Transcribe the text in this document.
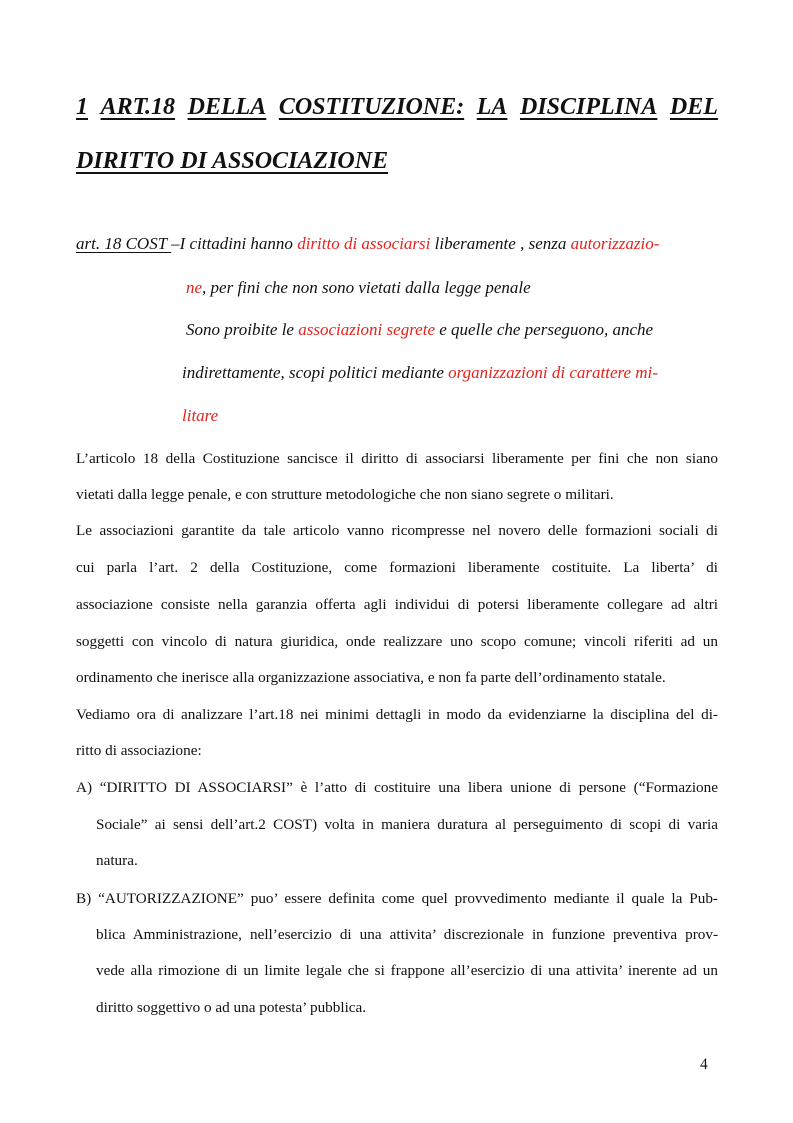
1 ART.18 DELLA COSTITUZIONE: LA DISCIPLINA DEL
DIRITTO DI ASSOCIAZIONE
art. 18 COST –I cittadini hanno diritto di associarsi liberamente , senza autorizzazio-
ne, per fini che non sono vietati dalla legge penale
Sono proibite le associazioni segrete e quelle che perseguono, anche
indirettamente, scopi politici mediante organizzazioni di carattere mi-
litare
L’articolo 18 della Costituzione sancisce il diritto di associarsi liberamente per fini che non siano
vietati dalla legge penale, e con strutture metodologiche che non siano segrete o militari.
Le associazioni garantite da tale articolo vanno ricompresse nel novero delle formazioni sociali di
cui parla l’art. 2 della Costituzione, come formazioni liberamente costituite. La liberta’ di
associazione consiste nella garanzia offerta agli individui di potersi liberamente collegare ad altri
soggetti con vincolo di natura giuridica, onde realizzare uno scopo comune; vincoli riferiti ad un
ordinamento che inerisce alla organizzazione associativa, e non fa parte dell’ordinamento statale.
Vediamo ora di analizzare l’art.18 nei minimi dettagli in modo da evidenziarne la disciplina del di-
ritto di associazione:
A) “DIRITTO DI ASSOCIARSI” è l’atto di costituire una libera unione di persone (“Formazione
Sociale” ai sensi dell’art.2 COST) volta in maniera duratura al perseguimento di scopi di varia
natura.
B) “AUTORIZZAZIONE” puo’ essere definita come quel provvedimento mediante il quale la Pub-
blica Amministrazione, nell’esercizio di una attivita’ discrezionale in funzione preventiva prov-
vede alla rimozione di un limite legale che si frappone all’esercizio di una attivita’ inerente ad un
diritto soggettivo o ad una potesta’ pubblica.
4
